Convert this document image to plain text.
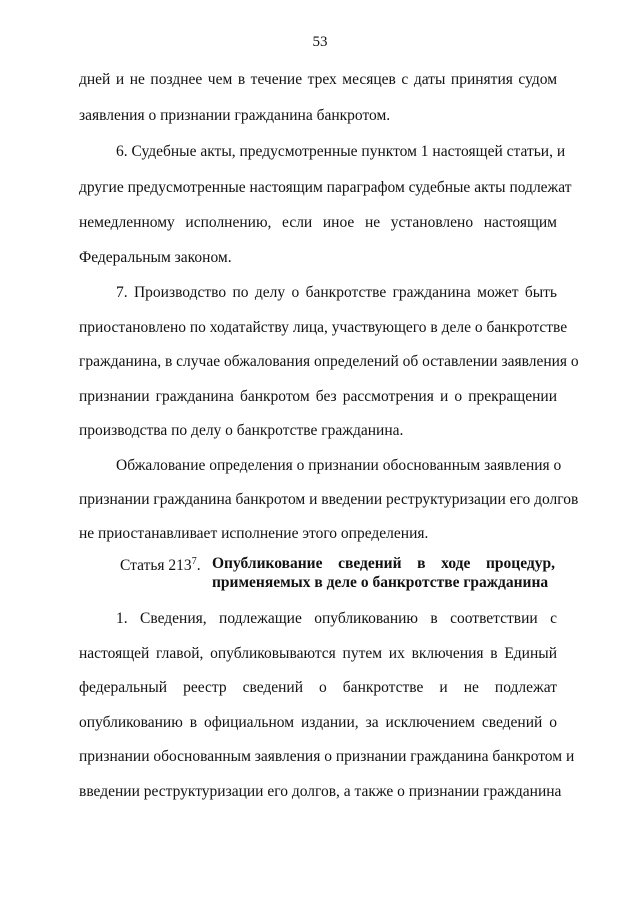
53
дней и не позднее чем в течение трех месяцев с даты принятия судом
заявления о признании гражданина банкротом.
6. Судебные акты, предусмотренные пунктом 1 настоящей статьи, и
другие предусмотренные настоящим параграфом судебные акты подлежат
немедленному исполнению, если иное не установлено настоящим
Федеральным законом.
7. Производство по делу о банкротстве гражданина может быть
приостановлено по ходатайству лица, участвующего в деле о банкротстве
гражданина, в случае обжалования определений об оставлении заявления о
признании гражданина банкротом без рассмотрения и о прекращении
производства по делу о банкротстве гражданина.
Обжалование определения о признании обоснованным заявления о
признании гражданина банкротом и введении реструктуризации его долгов
не приостанавливает исполнение этого определения.
Статья $213^7$. Опубликование сведений в ходе процедур,
применяемых в деле о банкротстве гражданина
1. Сведения, подлежащие опубликованию в соответствии с
настоящей главой, опубликовываются путем их включения в Единый
федеральный реестр сведений о банкротстве и не подлежат
опубликованию в официальном издании, за исключением сведений о
признании обоснованным заявления о признании гражданина банкротом и
введении реструктуризации его долгов, а также о признании гражданина
